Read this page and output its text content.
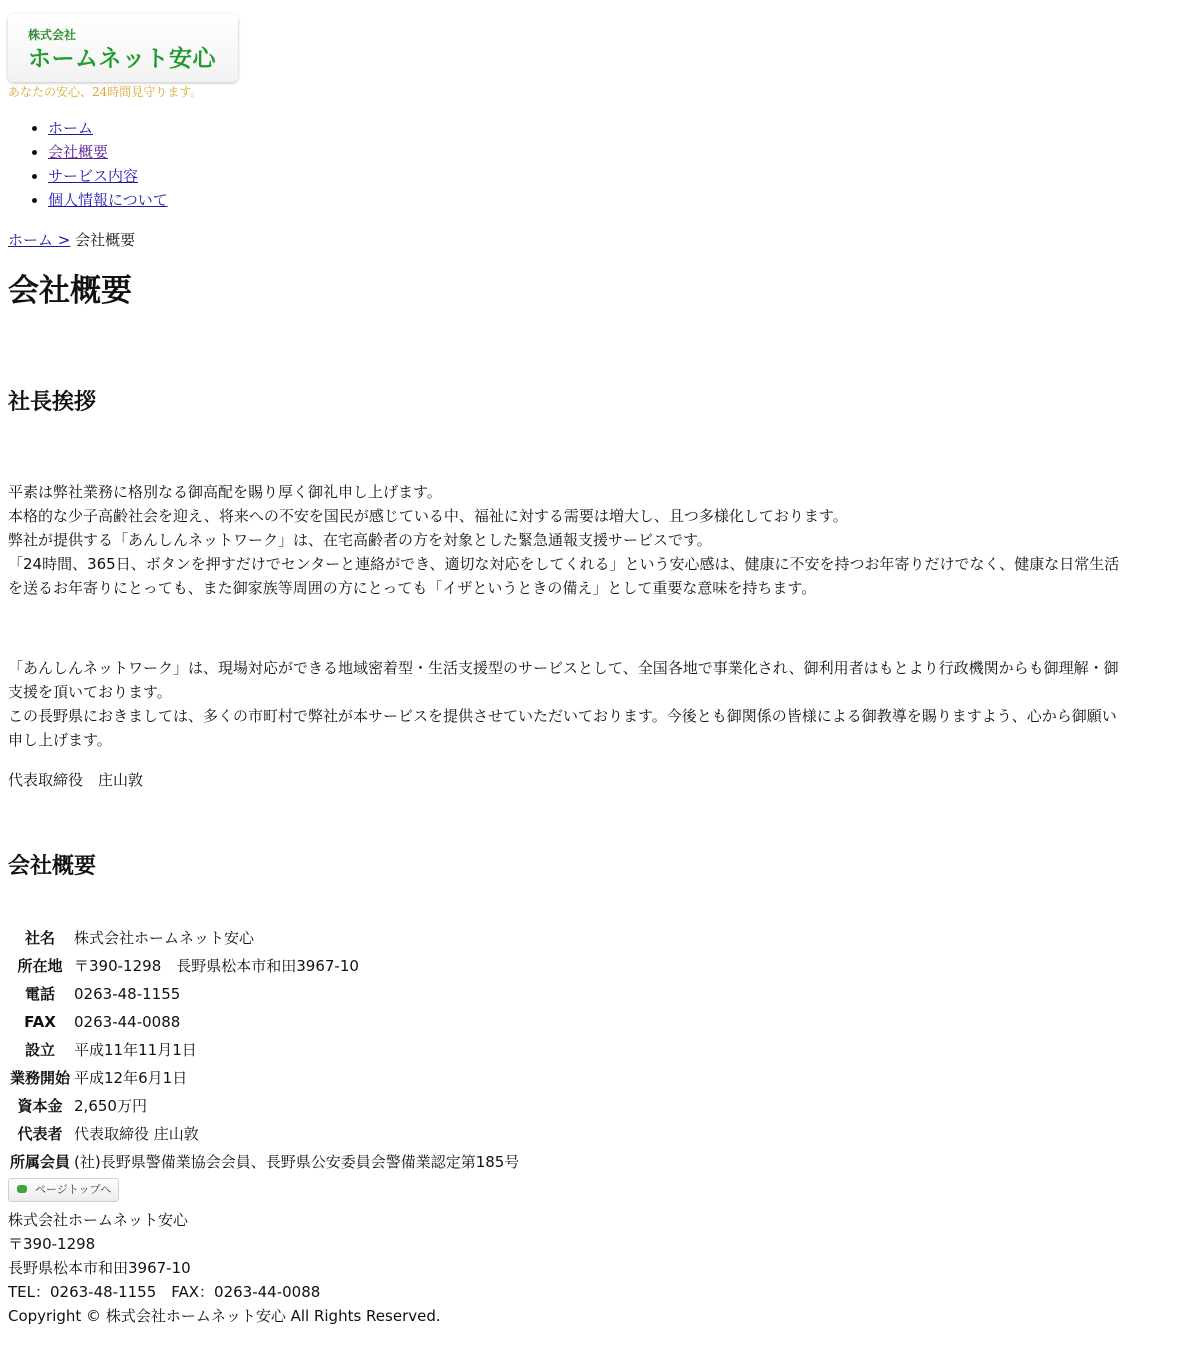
株式会社
ホームネット安心
あなたの安心、24時間見守ります。
• ホーム
• 会社概要
• サービス内容
• 個人情報について
ホーム > 会社概要
会社概要
社長挨拶

平素は弊社業務に格別なる御高配を賜り厚く御礼申し上げます。
本格的な少子高齢社会を迎え、将来への不安を国民が感じている中、福祉に対する需要は増大し、且つ多様化しております。
弊社が提供する「あんしんネットワーク」は、在宅高齢者の方を対象とした緊急通報支援サービスです。
「24時間、365日、ボタンを押すだけでセンターと連絡ができ、適切な対応をしてくれる」という安心感は、健康に不安を持つお年寄りだけでなく、健康な日常生活
を送るお年寄りにとっても、また御家族等周囲の方にとっても「イザというときの備え」として重要な意味を持ちます。

「あんしんネットワーク」は、現場対応ができる地域密着型・生活支援型のサービスとして、全国各地で事業化され、御利用者はもとより行政機関からも御理解・御
支援を頂いております。
この長野県におきましては、多くの市町村で弊社が本サービスを提供させていただいております。今後とも御関係の皆様による御教導を賜りますよう、心から御願い
申し上げます。

代表取締役　庄山敦

会社概要
社名	株式会社ホームネット安心
所在地	〒390-1298　長野県松本市和田3967-10
電話	0263-48-1155
FAX	0263-44-0088
設立	平成11年11月1日
業務開始	平成12年6月1日
資本金	2,650万円
代表者	代表取締役 庄山敦
所属会員	(社)長野県警備業協会会員、長野県公安委員会警備業認定第185号
ページトップへ
株式会社ホームネット安心
〒390-1298
長野県松本市和田3967-10
TEL：0263-48-1155　FAX：0263-44-0088
Copyright © 株式会社ホームネット安心 All Rights Reserved.
